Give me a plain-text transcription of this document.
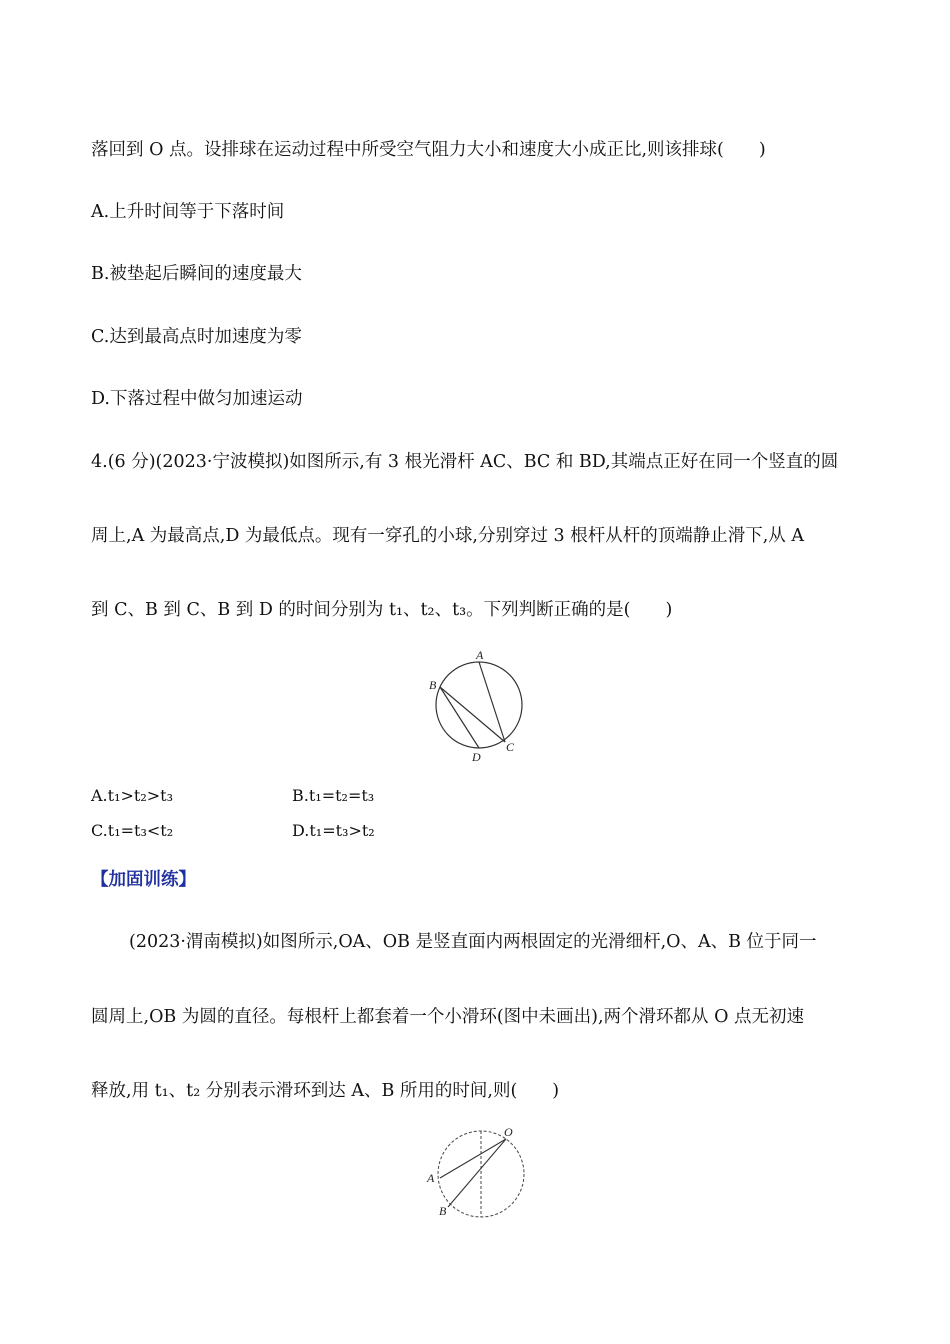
落回到 O 点。设排球在运动过程中所受空气阻力大小和速度大小成正比,则该排球(　　)
A.上升时间等于下落时间
B.被垫起后瞬间的速度最大
C.达到最高点时加速度为零
D.下落过程中做匀加速运动
4.(6 分)(2023·宁波模拟)如图所示,有 3 根光滑杆 AC、BC 和 BD,其端点正好在同一个竖直的圆
周上,A 为最高点,D 为最低点。现有一穿孔的小球,分别穿过 3 根杆从杆的顶端静止滑下,从 A
到 C、B 到 C、B 到 D 的时间分别为 t₁、t₂、t₃。下列判断正确的是(　　)
A
B
C
D
A.t₁>t₂>t₃	B.t₁=t₂=t₃
C.t₁=t₃<t₂	D.t₁=t₃>t₂
【加固训练】
(2023·渭南模拟)如图所示,OA、OB 是竖直面内两根固定的光滑细杆,O、A、B 位于同一
圆周上,OB 为圆的直径。每根杆上都套着一个小滑环(图中未画出),两个滑环都从 O 点无初速
释放,用 t₁、t₂ 分别表示滑环到达 A、B 所用的时间,则(　　)
O
A
B
